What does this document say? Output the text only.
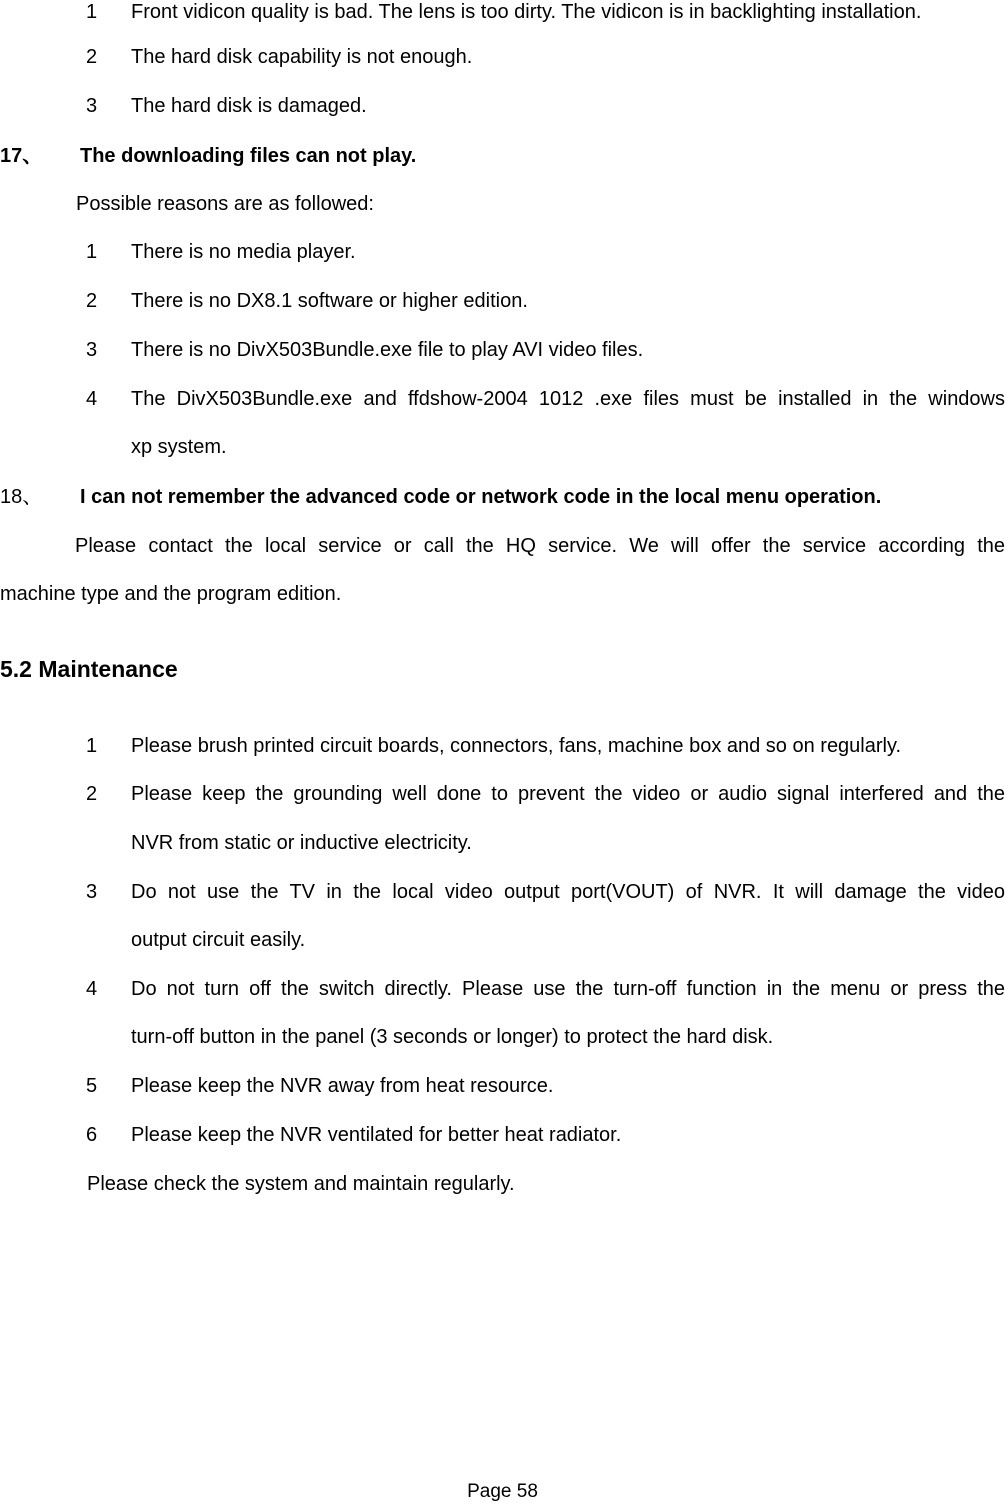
1 Front vidicon quality is bad. The lens is too dirty. The vidicon is in backlighting installation.
2 The hard disk capability is not enough.
3 The hard disk is damaged.
17、 The downloading files can not play.
Possible reasons are as followed:
1 There is no media player.
2 There is no DX8.1 software or higher edition.
3 There is no DivX503Bundle.exe file to play AVI video files.
4 The DivX503Bundle.exe and ffdshow-2004 1012 .exe files must be installed in the windows
xp system.
18、 I can not remember the advanced code or network code in the local menu operation.
Please contact the local service or call the HQ service. We will offer the service according the
machine type and the program edition.
5.2 Maintenance
1 Please brush printed circuit boards, connectors, fans, machine box and so on regularly.
2 Please keep the grounding well done to prevent the video or audio signal interfered and the
NVR from static or inductive electricity.
3 Do not use the TV in the local video output port(VOUT) of NVR. It will damage the video
output circuit easily.
4 Do not turn off the switch directly. Please use the turn-off function in the menu or press the
turn-off button in the panel (3 seconds or longer) to protect the hard disk.
5 Please keep the NVR away from heat resource.
6 Please keep the NVR ventilated for better heat radiator.
Please check the system and maintain regularly.
Page 58
